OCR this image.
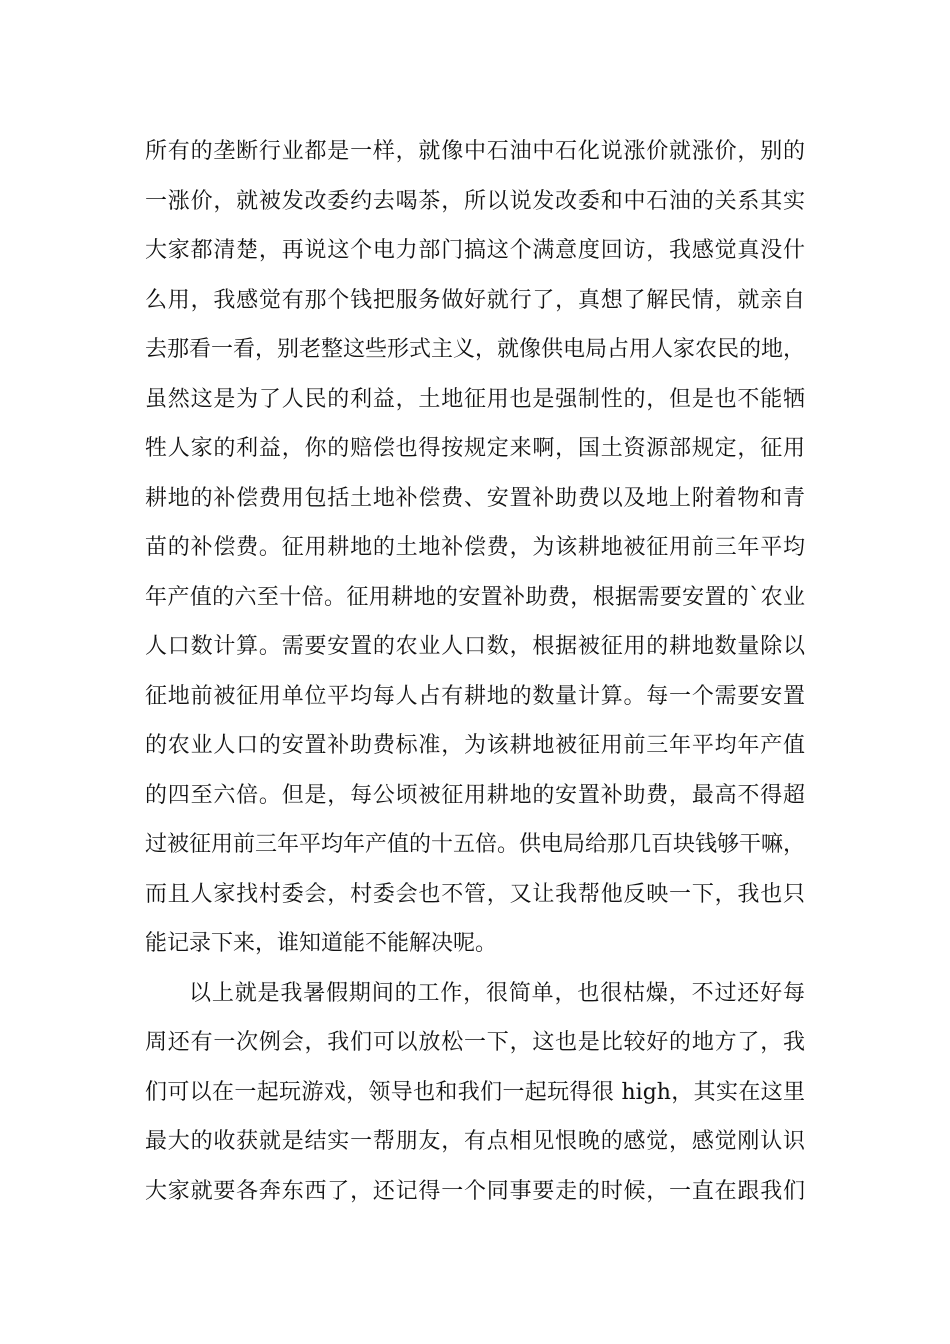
所有的垄断行业都是一样，就像中石油中石化说涨价就涨价，别的
一涨价，就被发改委约去喝茶，所以说发改委和中石油的关系其实
大家都清楚，再说这个电力部门搞这个满意度回访，我感觉真没什
么用，我感觉有那个钱把服务做好就行了，真想了解民情，就亲自
去那看一看，别老整这些形式主义，就像供电局占用人家农民的地，
虽然这是为了人民的利益，土地征用也是强制性的，但是也不能牺
牲人家的利益，你的赔偿也得按规定来啊，国土资源部规定，征用
耕地的补偿费用包括土地补偿费、安置补助费以及地上附着物和青
苗的补偿费。征用耕地的土地补偿费，为该耕地被征用前三年平均
年产值的六至十倍。征用耕地的安置补助费，根据需要安置的`农业
人口数计算。需要安置的农业人口数，根据被征用的耕地数量除以
征地前被征用单位平均每人占有耕地的数量计算。每一个需要安置
的农业人口的安置补助费标准，为该耕地被征用前三年平均年产值
的四至六倍。但是，每公顷被征用耕地的安置补助费，最高不得超
过被征用前三年平均年产值的十五倍。供电局给那几百块钱够干嘛，
而且人家找村委会，村委会也不管，又让我帮他反映一下，我也只
能记录下来，谁知道能不能解决呢。
以上就是我暑假期间的工作，很简单，也很枯燥，不过还好每
周还有一次例会，我们可以放松一下，这也是比较好的地方了，我
们可以在一起玩游戏，领导也和我们一起玩得很 high，其实在这里
最大的收获就是结实一帮朋友，有点相见恨晚的感觉，感觉刚认识
大家就要各奔东西了，还记得一个同事要走的时候，一直在跟我们
